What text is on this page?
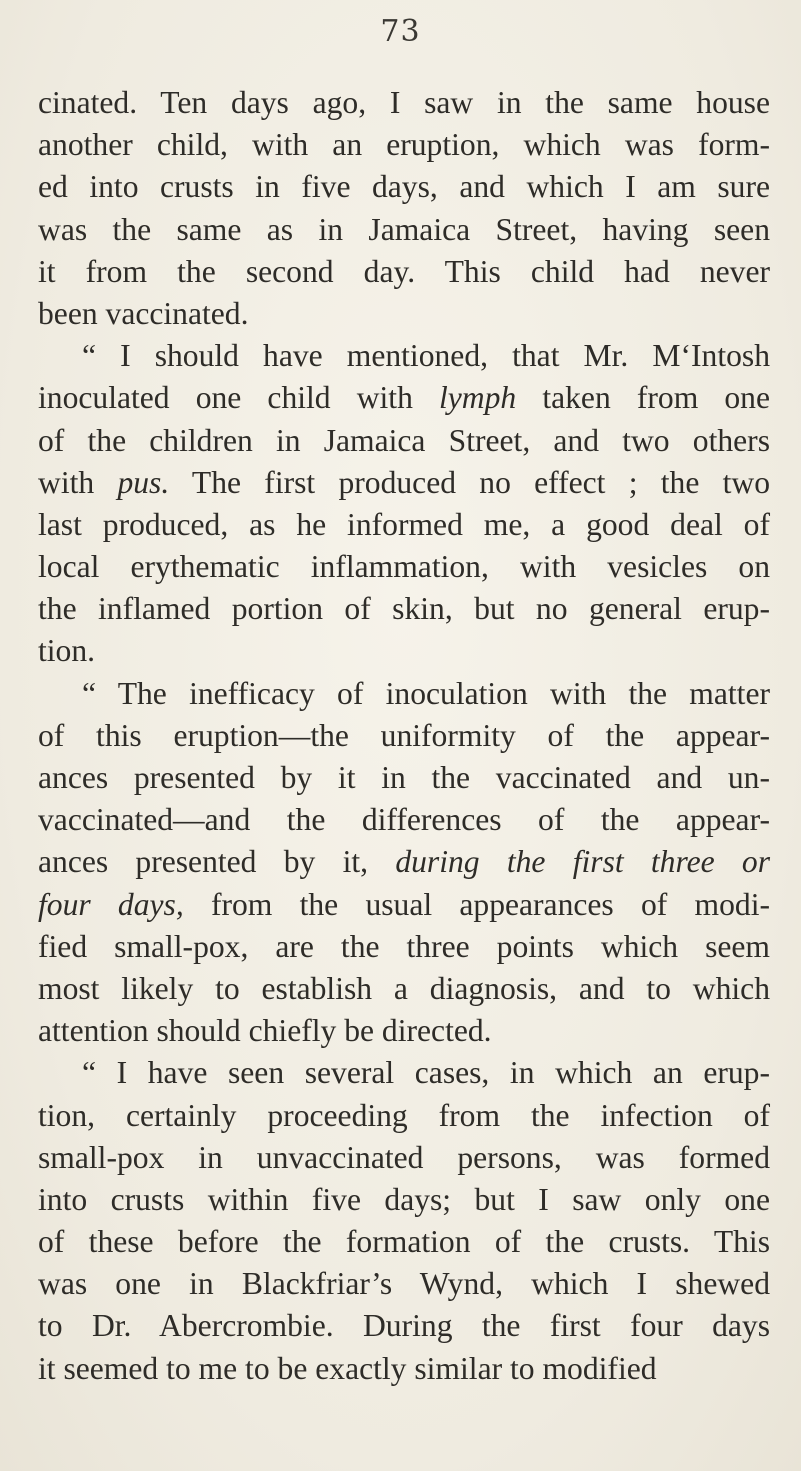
73
cinated. Ten days ago, I saw in the same house
another child, with an eruption, which was form-
ed into crusts in five days, and which I am sure
was the same as in Jamaica Street, having seen
it from the second day. This child had never
been vaccinated.
“ I should have mentioned, that Mr. M‘Intosh
inoculated one child with lymph taken from one
of the children in Jamaica Street, and two others
with pus. The first produced no effect ; the two
last produced, as he informed me, a good deal of
local erythematic inflammation, with vesicles on
the inflamed portion of skin, but no general erup-
tion.
“ The inefficacy of inoculation with the matter
of this eruption—the uniformity of the appear-
ances presented by it in the vaccinated and un-
vaccinated—and the differences of the appear-
ances presented by it, during the first three or
four days, from the usual appearances of modi-
fied small-pox, are the three points which seem
most likely to establish a diagnosis, and to which
attention should chiefly be directed.
“ I have seen several cases, in which an erup-
tion, certainly proceeding from the infection of
small-pox in unvaccinated persons, was formed
into crusts within five days; but I saw only one
of these before the formation of the crusts. This
was one in Blackfriar’s Wynd, which I shewed
to Dr. Abercrombie. During the first four days
it seemed to me to be exactly similar to modified
